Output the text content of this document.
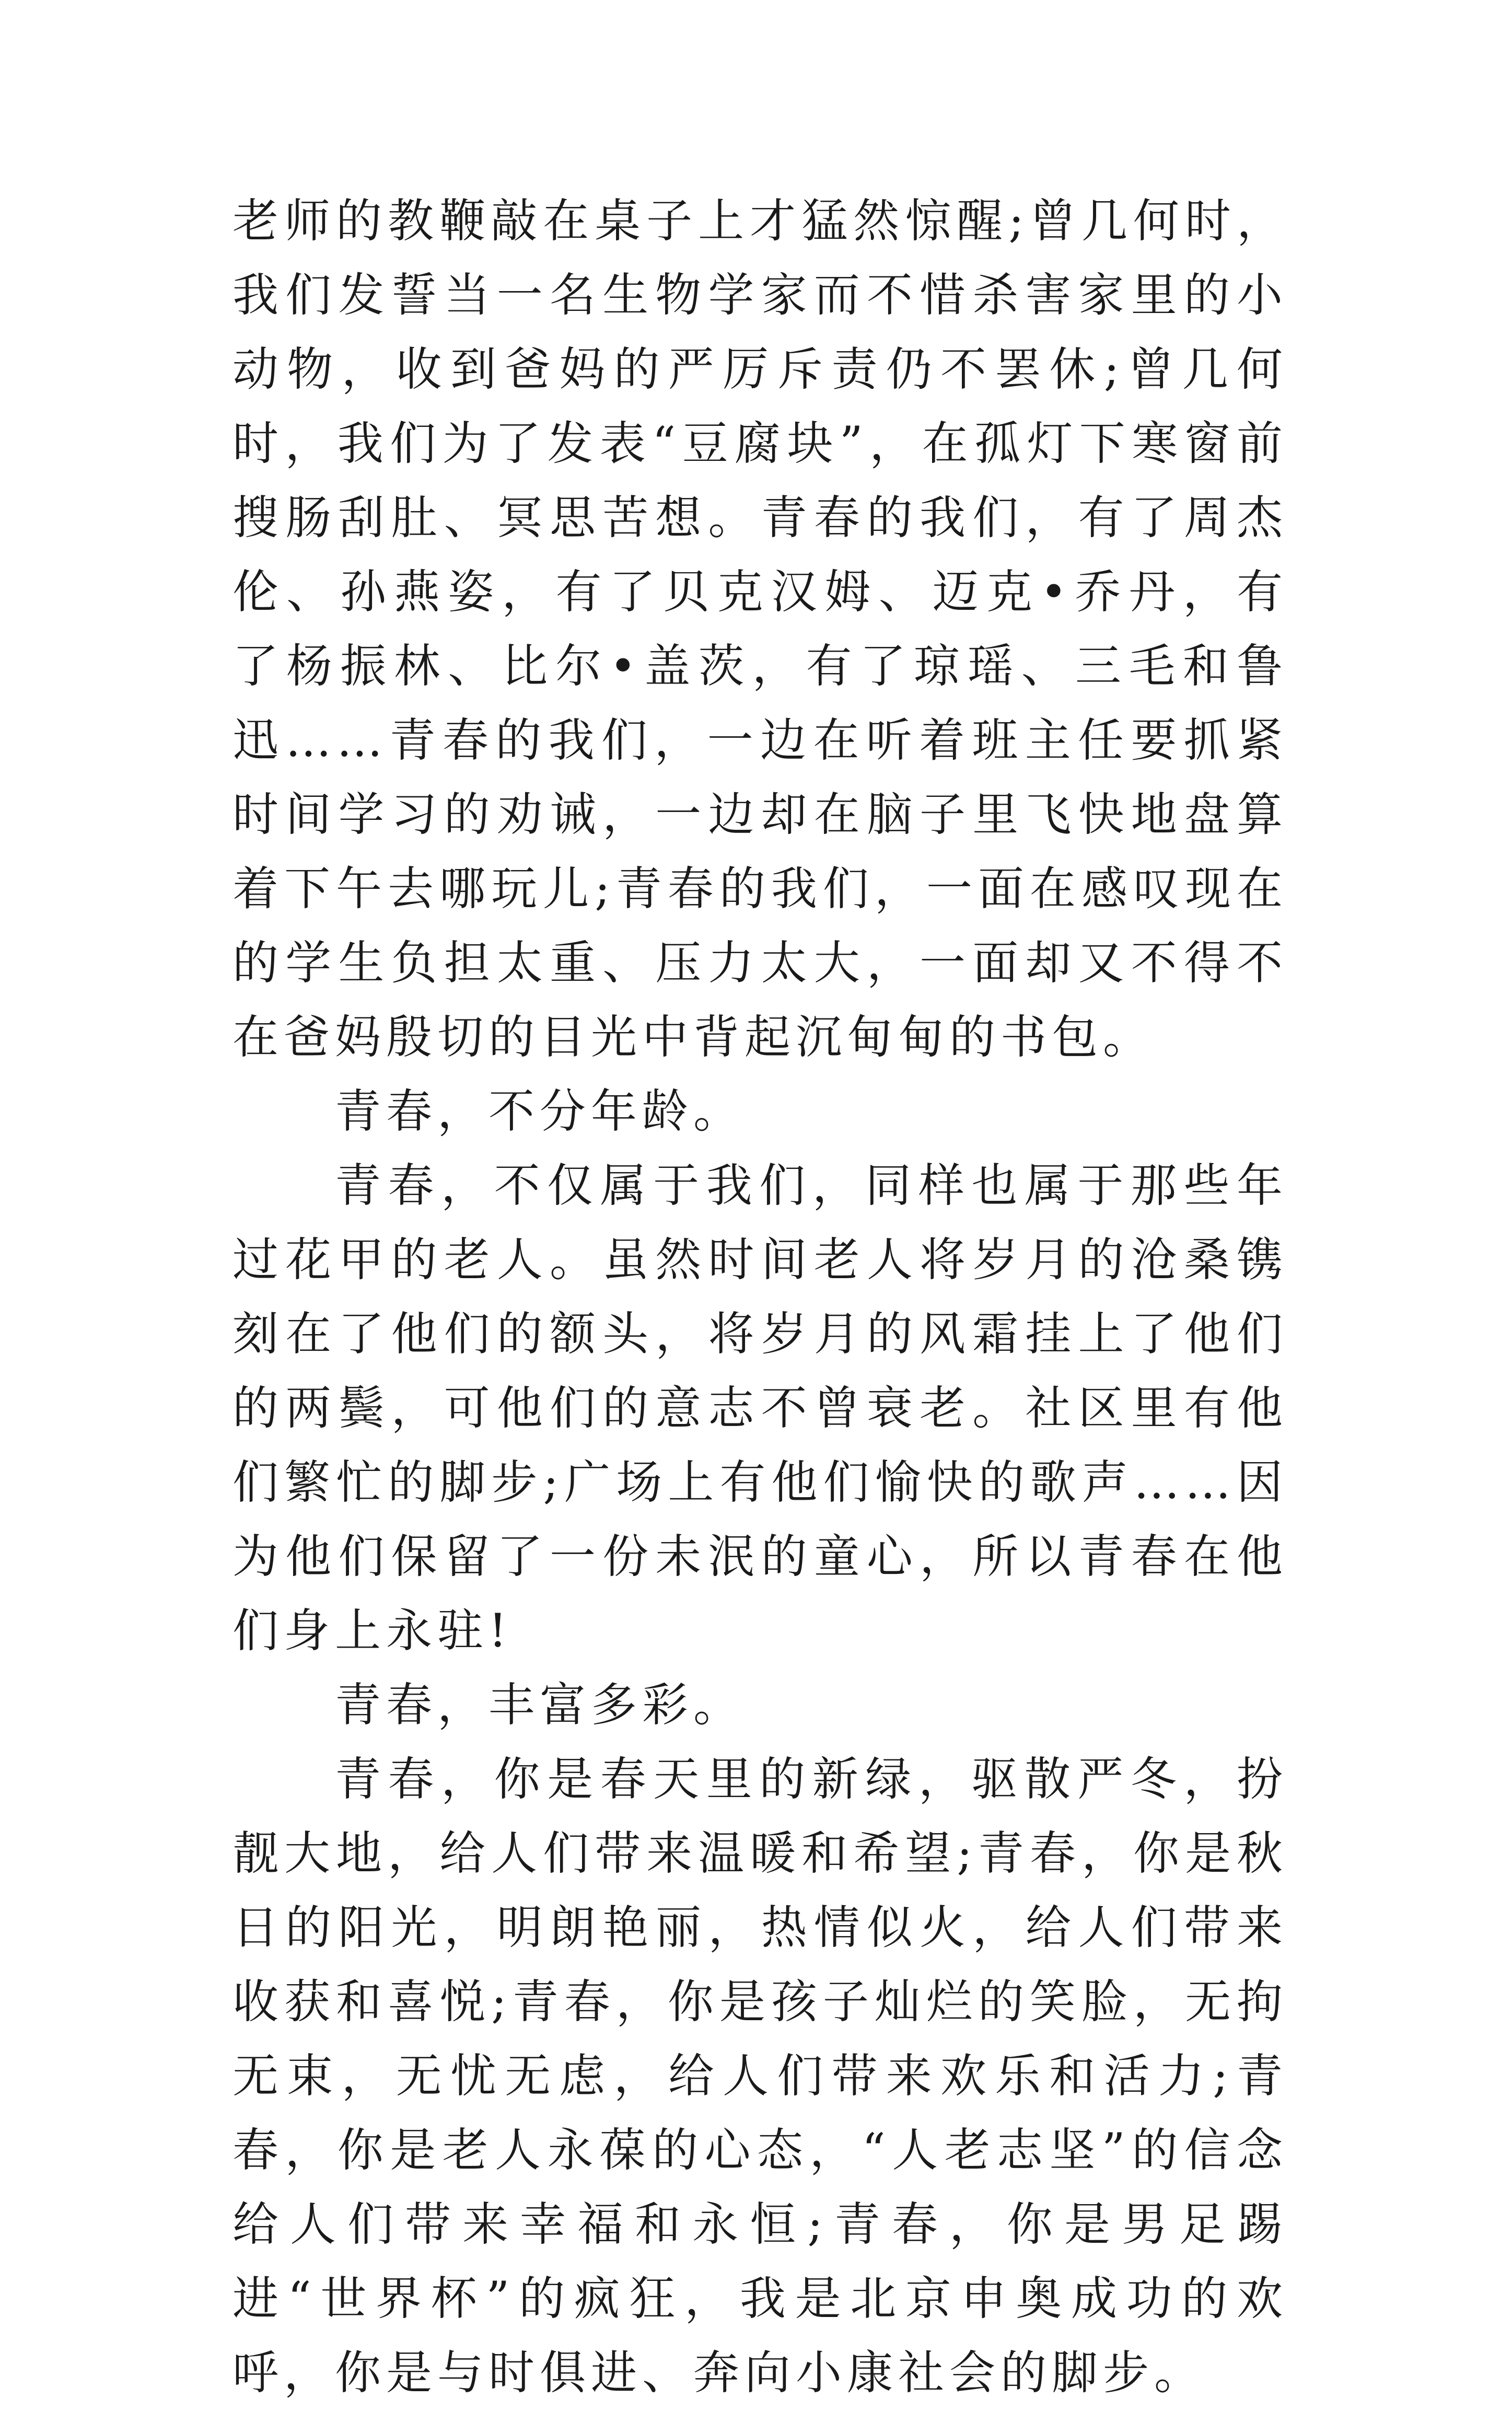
老师的教鞭敲在桌子上才猛然惊醒;曾几何时，我们发誓当一名生物学家而不惜杀害家里的小动物，收到爸妈的严厉斥责仍不罢休;曾几何时，我们为了发表“豆腐块”，在孤灯下寒窗前搜肠刮肚、冥思苦想。青春的我们，有了周杰伦、孙燕姿，有了贝克汉姆、迈克•乔丹，有了杨振林、比尔•盖茨，有了琼瑶、三毛和鲁迅……青春的我们，一边在听着班主任要抓紧时间学习的劝诫，一边却在脑子里飞快地盘算着下午去哪玩儿;青春的我们，一面在感叹现在的学生负担太重、压力太大，一面却又不得不在爸妈殷切的目光中背起沉甸甸的书包。

青春，不分年龄。

青春，不仅属于我们，同样也属于那些年过花甲的老人。虽然时间老人将岁月的沧桑镌刻在了他们的额头，将岁月的风霜挂上了他们的两鬓，可他们的意志不曾衰老。社区里有他们繁忙的脚步;广场上有他们愉快的歌声……因为他们保留了一份未泯的童心，所以青春在他们身上永驻!

青春，丰富多彩。

青春，你是春天里的新绿，驱散严冬，扮靓大地，给人们带来温暖和希望;青春，你是秋日的阳光，明朗艳丽，热情似火，给人们带来收获和喜悦;青春，你是孩子灿烂的笑脸，无拘无束，无忧无虑，给人们带来欢乐和活力;青春，你是老人永葆的心态，“人老志坚”的信念给人们带来幸福和永恒;青春，你是男足踢进“世界杯”的疯狂，我是北京申奥成功的欢呼，你是与时俱进、奔向小康社会的脚步。
